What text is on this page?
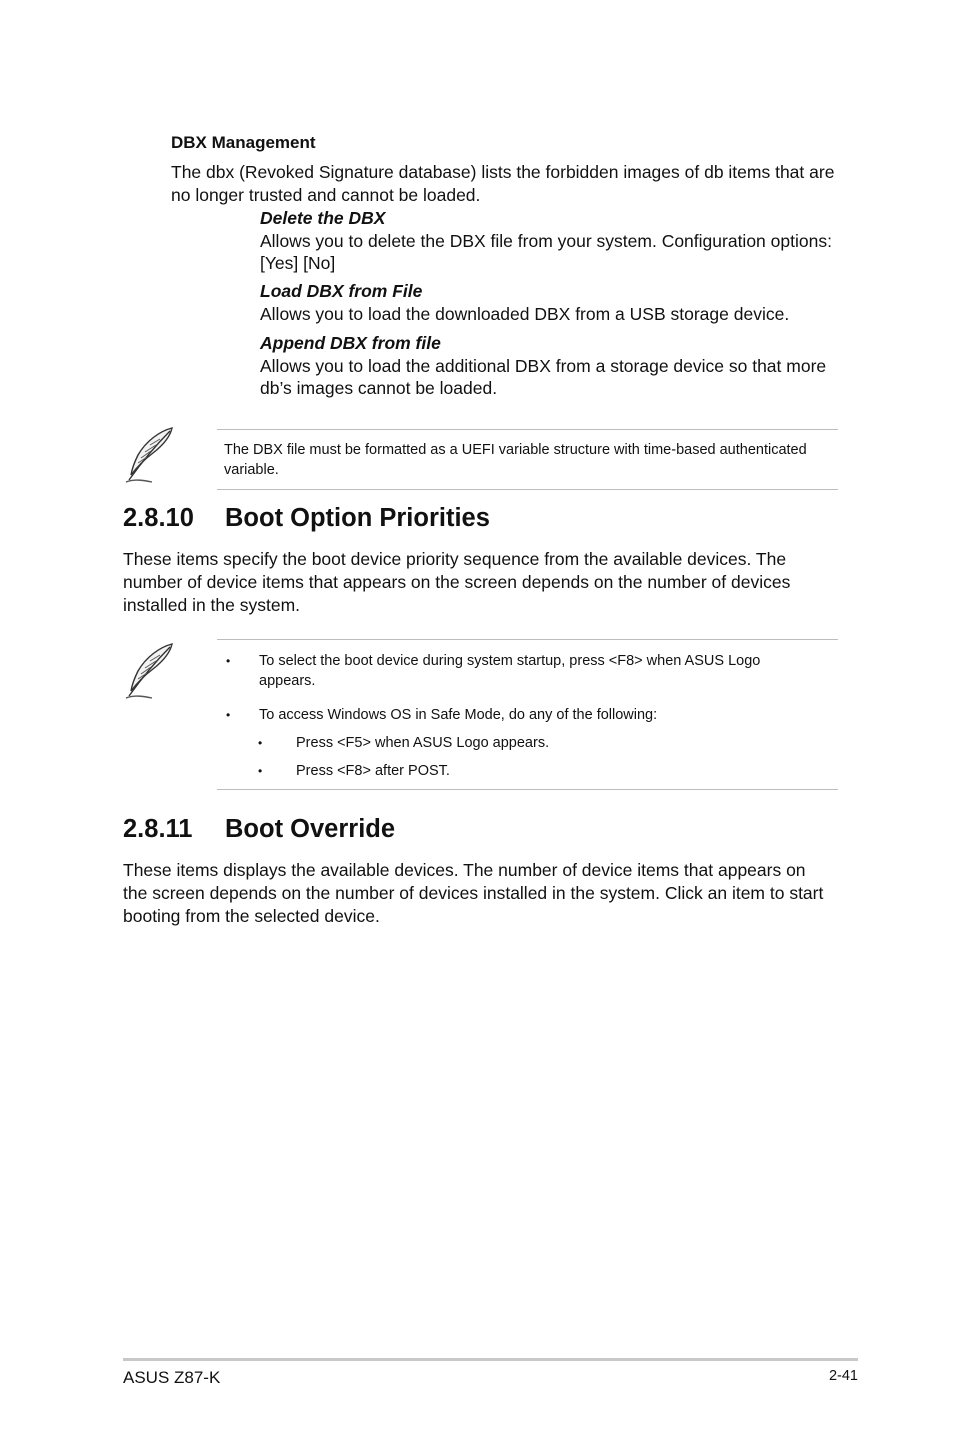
DBX Management
The dbx (Revoked Signature database) lists the forbidden images of db items that are
no longer trusted and cannot be loaded.
Delete the DBX
Allows you to delete the DBX file from your system. Configuration options:
[Yes] [No]
Load DBX from File
Allows you to load the downloaded DBX from a USB storage device.
Append DBX from file
Allows you to load the additional DBX from a storage device so that more
db’s images cannot be loaded.
The DBX file must be formatted as a UEFI variable structure with time-based authenticated
variable.
2.8.10 Boot Option Priorities
These items specify the boot device priority sequence from the available devices. The
number of device items that appears on the screen depends on the number of devices
installed in the system.
• To select the boot device during system startup, press <F8> when ASUS Logo
appears.
• To access Windows OS in Safe Mode, do any of the following:
• Press <F5> when ASUS Logo appears.
• Press <F8> after POST.
2.8.11 Boot Override
These items displays the available devices. The number of device items that appears on
the screen depends on the number of devices installed in the system. Click an item to start
booting from the selected device.
ASUS Z87-K	2-41
